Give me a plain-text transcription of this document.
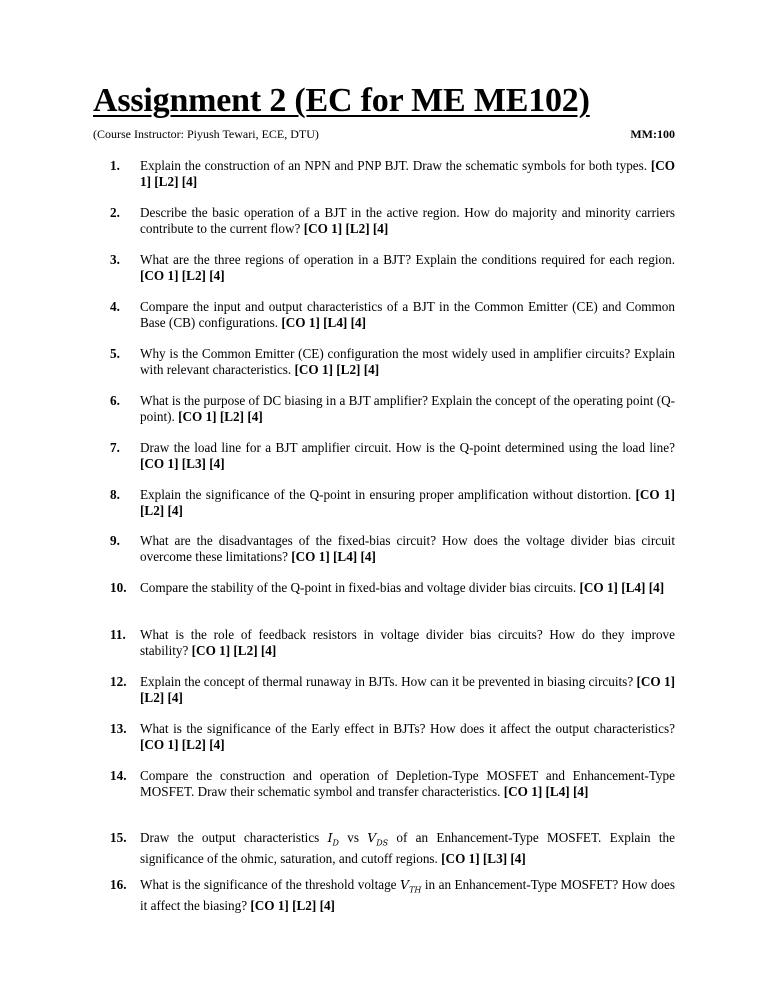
Assignment 2 (EC for ME ME102)
(Course Instructor: Piyush Tewari, ECE, DTU)	MM:100
1.	Explain the construction of an NPN and PNP BJT. Draw the schematic symbols for both types. [CO 1] [L2] [4]
2.	Describe the basic operation of a BJT in the active region. How do majority and minority carriers contribute to the current flow? [CO 1] [L2] [4]
3.	What are the three regions of operation in a BJT? Explain the conditions required for each region. [CO 1] [L2] [4]
4.	Compare the input and output characteristics of a BJT in the Common Emitter (CE) and Common Base (CB) configurations. [CO 1] [L4] [4]
5.	Why is the Common Emitter (CE) configuration the most widely used in amplifier circuits? Explain with relevant characteristics. [CO 1] [L2] [4]
6.	What is the purpose of DC biasing in a BJT amplifier? Explain the concept of the operating point (Q-point). [CO 1] [L2] [4]
7.	Draw the load line for a BJT amplifier circuit. How is the Q-point determined using the load line? [CO 1] [L3] [4]
8.	Explain the significance of the Q-point in ensuring proper amplification without distortion. [CO 1] [L2] [4]
9.	What are the disadvantages of the fixed-bias circuit? How does the voltage divider bias circuit overcome these limitations? [CO 1] [L4] [4]
10.	Compare the stability of the Q-point in fixed-bias and voltage divider bias circuits. [CO 1] [L4] [4]
11.	What is the role of feedback resistors in voltage divider bias circuits? How do they improve stability? [CO 1] [L2] [4]
12.	Explain the concept of thermal runaway in BJTs. How can it be prevented in biasing circuits? [CO 1] [L2] [4]
13.	What is the significance of the Early effect in BJTs? How does it affect the output characteristics? [CO 1] [L2] [4]
14.	Compare the construction and operation of Depletion-Type MOSFET and Enhancement-Type MOSFET. Draw their schematic symbol and transfer characteristics. [CO 1] [L4] [4]
15.	Draw the output characteristics $I_D$ vs $V_{DS}$ of an Enhancement-Type MOSFET. Explain the significance of the ohmic, saturation, and cutoff regions. [CO 1] [L3] [4]
16.	What is the significance of the threshold voltage $V_{TH}$ in an Enhancement-Type MOSFET? How does it affect the biasing? [CO 1] [L2] [4]
